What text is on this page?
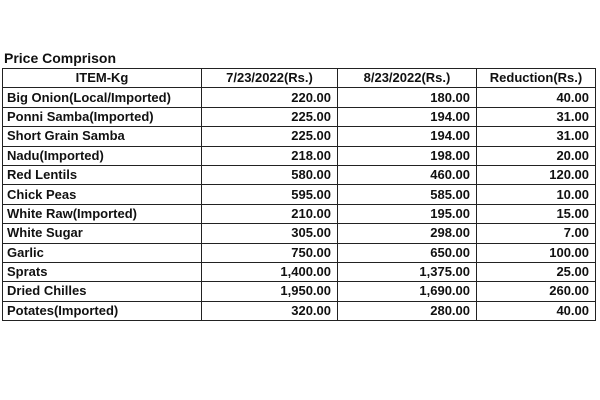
Price Comprison
ITEM-Kg	7/23/2022(Rs.)	8/23/2022(Rs.)	Reduction(Rs.)
Big Onion(Local/Imported)	220.00	180.00	40.00
Ponni Samba(Imported)	225.00	194.00	31.00
Short Grain Samba	225.00	194.00	31.00
Nadu(Imported)	218.00	198.00	20.00
Red Lentils	580.00	460.00	120.00
Chick Peas	595.00	585.00	10.00
White Raw(Imported)	210.00	195.00	15.00
White Sugar	305.00	298.00	7.00
Garlic	750.00	650.00	100.00
Sprats	1,400.00	1,375.00	25.00
Dried Chilles	1,950.00	1,690.00	260.00
Potates(Imported)	320.00	280.00	40.00
